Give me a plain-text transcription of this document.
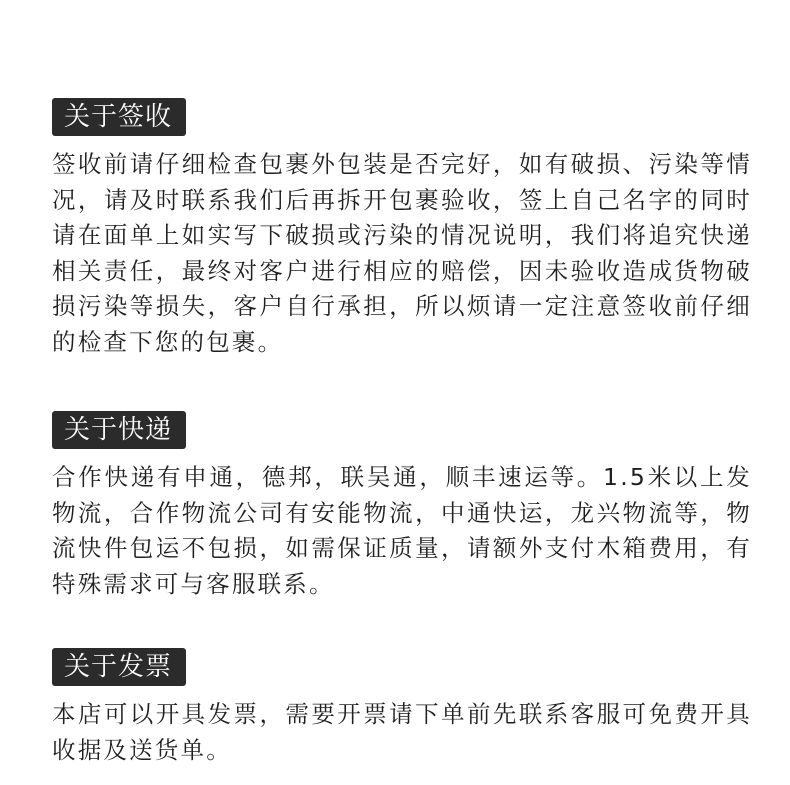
关于签收
签收前请仔细检查包裹外包装是否完好，如有破损、污染等情况，请及时联系我们后再拆开包裹验收，签上自己名字的同时请在面单上如实写下破损或污染的情况说明，我们将追究快递相关责任，最终对客户进行相应的赔偿，因未验收造成货物破损污染等损失，客户自行承担，所以烦请一定注意签收前仔细的检查下您的包裹。
关于快递
合作快递有申通，德邦，联吴通，顺丰速运等。1.5米以上发物流，合作物流公司有安能物流，中通快运，龙兴物流等，物流快件包运不包损，如需保证质量，请额外支付木箱费用，有特殊需求可与客服联系。
关于发票
本店可以开具发票，需要开票请下单前先联系客服可免费开具收据及送货单。
